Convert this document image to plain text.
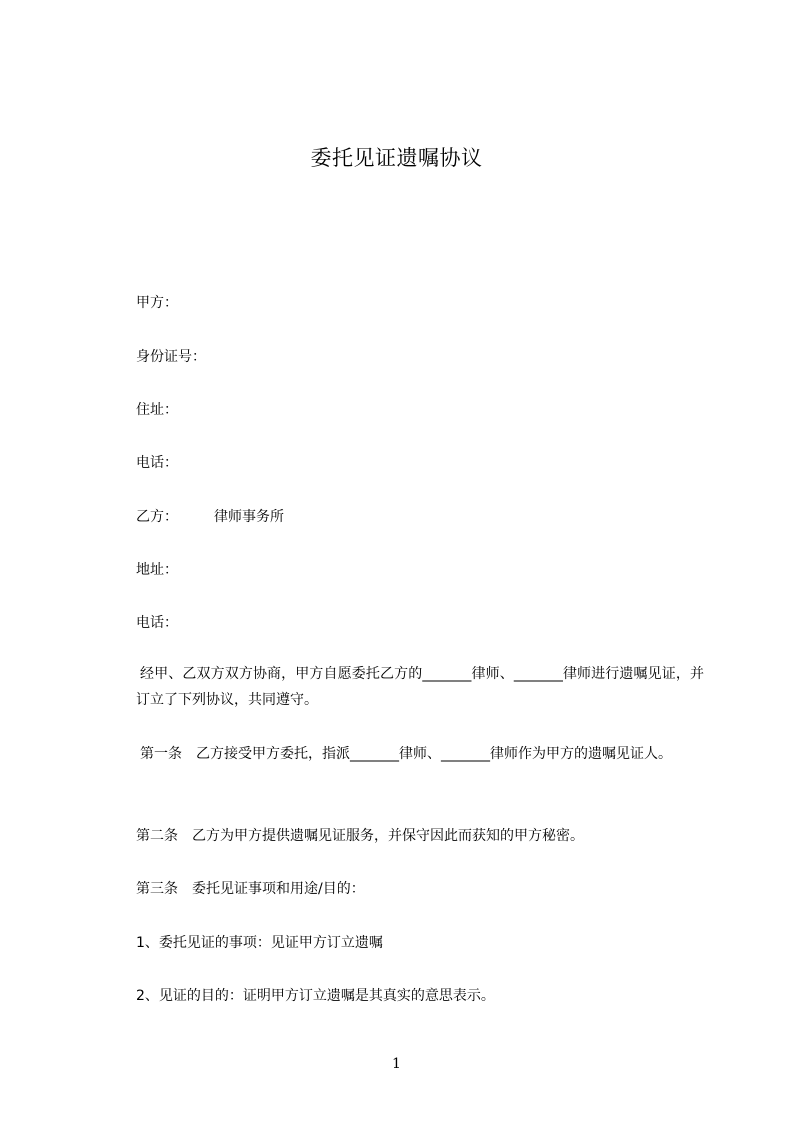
委托见证遗嘱协议
甲方：
身份证号：
住址：
电话：
乙方：	律师事务所
地址：
电话：
经甲、乙双方双方协商，甲方自愿委托乙方的_______律师、_______律师进行遗嘱见证，并订立了下列协议，共同遵守。
第一条　乙方接受甲方委托，指派_______律师、_______律师作为甲方的遗嘱见证人。
第二条　乙方为甲方提供遗嘱见证服务，并保守因此而获知的甲方秘密。
第三条　委托见证事项和用途/目的：
1、委托见证的事项：见证甲方订立遗嘱
2、见证的目的：证明甲方订立遗嘱是其真实的意思表示。
1
